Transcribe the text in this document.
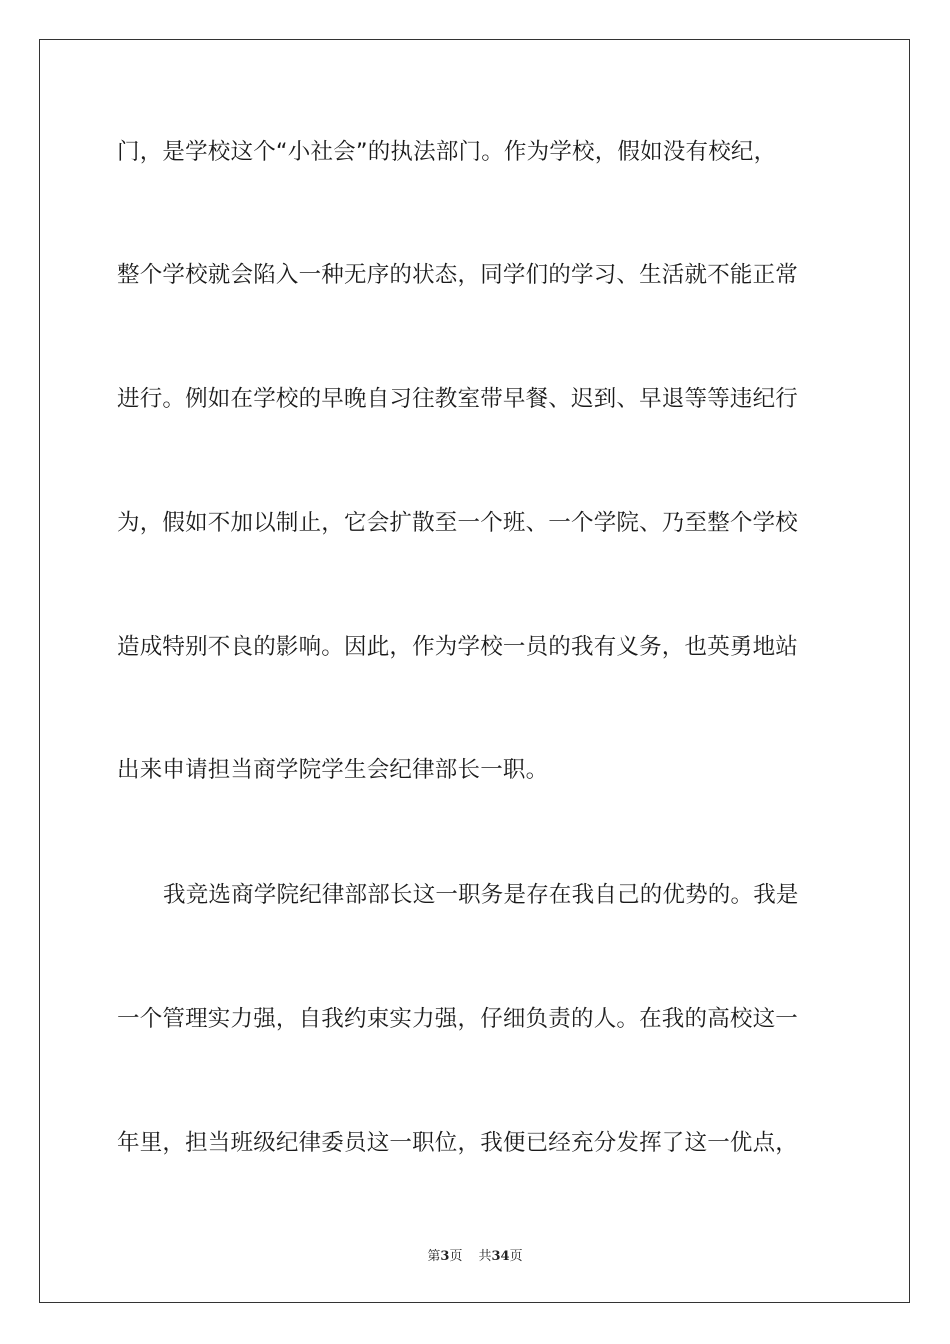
门，是学校这个“小社会”的执法部门。作为学校，假如没有校纪，
整个学校就会陷入一种无序的状态，同学们的学习、生活就不能正常
进行。例如在学校的早晚自习往教室带早餐、迟到、早退等等违纪行
为，假如不加以制止，它会扩散至一个班、一个学院、乃至整个学校
造成特别不良的影响。因此，作为学校一员的我有义务，也英勇地站
出来申请担当商学院学生会纪律部长一职。
我竞选商学院纪律部部长这一职务是存在我自己的优势的。我是
一个管理实力强，自我约束实力强，仔细负责的人。在我的高校这一
年里，担当班级纪律委员这一职位，我便已经充分发挥了这一优点，
第3页 共34页
